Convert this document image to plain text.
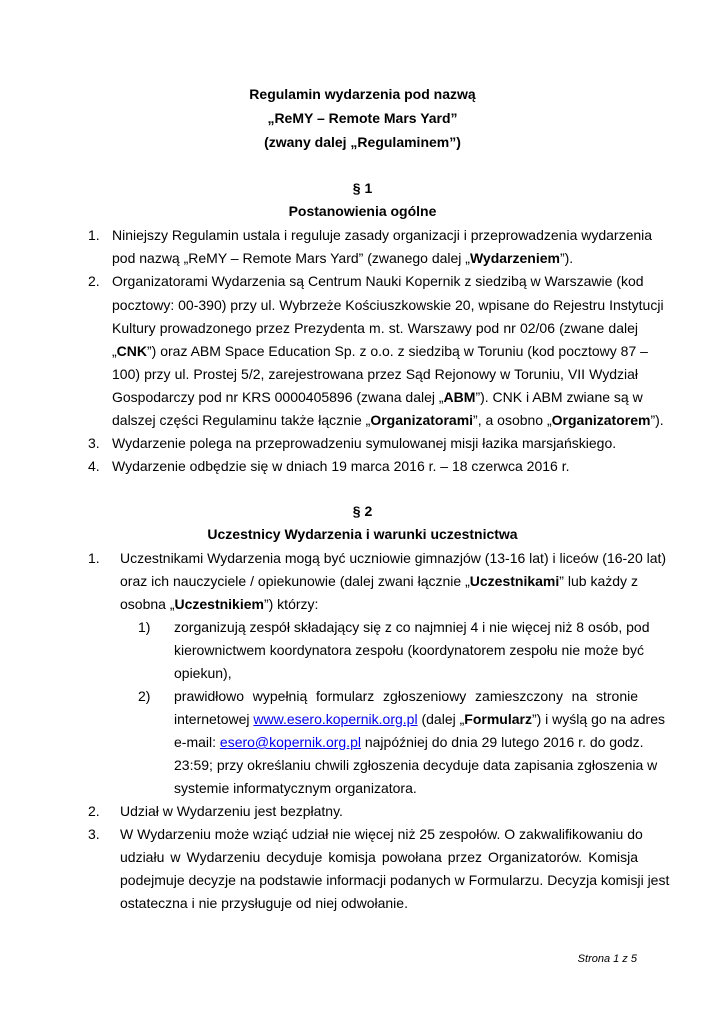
Regulamin wydarzenia pod nazwą
„ReMY – Remote Mars Yard”
(zwany dalej „Regulaminem”)
§ 1
Postanowienia ogólne
1. Niniejszy Regulamin ustala i reguluje zasady organizacji i przeprowadzenia wydarzenia
pod nazwą „ReMY – Remote Mars Yard” (zwanego dalej „Wydarzeniem”).
2. Organizatorami Wydarzenia są Centrum Nauki Kopernik z siedzibą w Warszawie (kod
pocztowy: 00-390) przy ul. Wybrzeże Kościuszkowskie 20, wpisane do Rejestru Instytucji
Kultury prowadzonego przez Prezydenta m. st. Warszawy pod nr 02/06 (zwane dalej
„CNK”) oraz ABM Space Education Sp. z o.o. z siedzibą w Toruniu (kod pocztowy 87 –
100) przy ul. Prostej 5/2, zarejestrowana przez Sąd Rejonowy w Toruniu, VII Wydział
Gospodarczy pod nr KRS 0000405896 (zwana dalej „ABM”). CNK i ABM zwiane są w
dalszej części Regulaminu także łącznie „Organizatorami”, a osobno „Organizatorem”).
3. Wydarzenie polega na przeprowadzeniu symulowanej misji łazika marsjańskiego.
4. Wydarzenie odbędzie się w dniach 19 marca 2016 r. – 18 czerwca 2016 r.
§ 2
Uczestnicy Wydarzenia i warunki uczestnictwa
1. Uczestnikami Wydarzenia mogą być uczniowie gimnazjów (13-16 lat) i liceów (16-20 lat)
oraz ich nauczyciele / opiekunowie (dalej zwani łącznie „Uczestnikami” lub każdy z
osobna „Uczestnikiem”) którzy:
1) zorganizują zespół składający się z co najmniej 4 i nie więcej niż 8 osób, pod
kierownictwem koordynatora zespołu (koordynatorem zespołu nie może być
opiekun),
2) prawidłowo wypełnią formularz zgłoszeniowy zamieszczony na stronie
internetowej www.esero.kopernik.org.pl (dalej „Formularz”) i wyślą go na adres
e-mail: esero@kopernik.org.pl najpóźniej do dnia 29 lutego 2016 r. do godz.
23:59; przy określaniu chwili zgłoszenia decyduje data zapisania zgłoszenia w
systemie informatycznym organizatora.
2. Udział w Wydarzeniu jest bezpłatny.
3. W Wydarzeniu może wziąć udział nie więcej niż 25 zespołów. O zakwalifikowaniu do
udziału w Wydarzeniu decyduje komisja powołana przez Organizatorów. Komisja
podejmuje decyzje na podstawie informacji podanych w Formularzu. Decyzja komisji jest
ostateczna i nie przysługuje od niej odwołanie.
Strona 1 z 5
